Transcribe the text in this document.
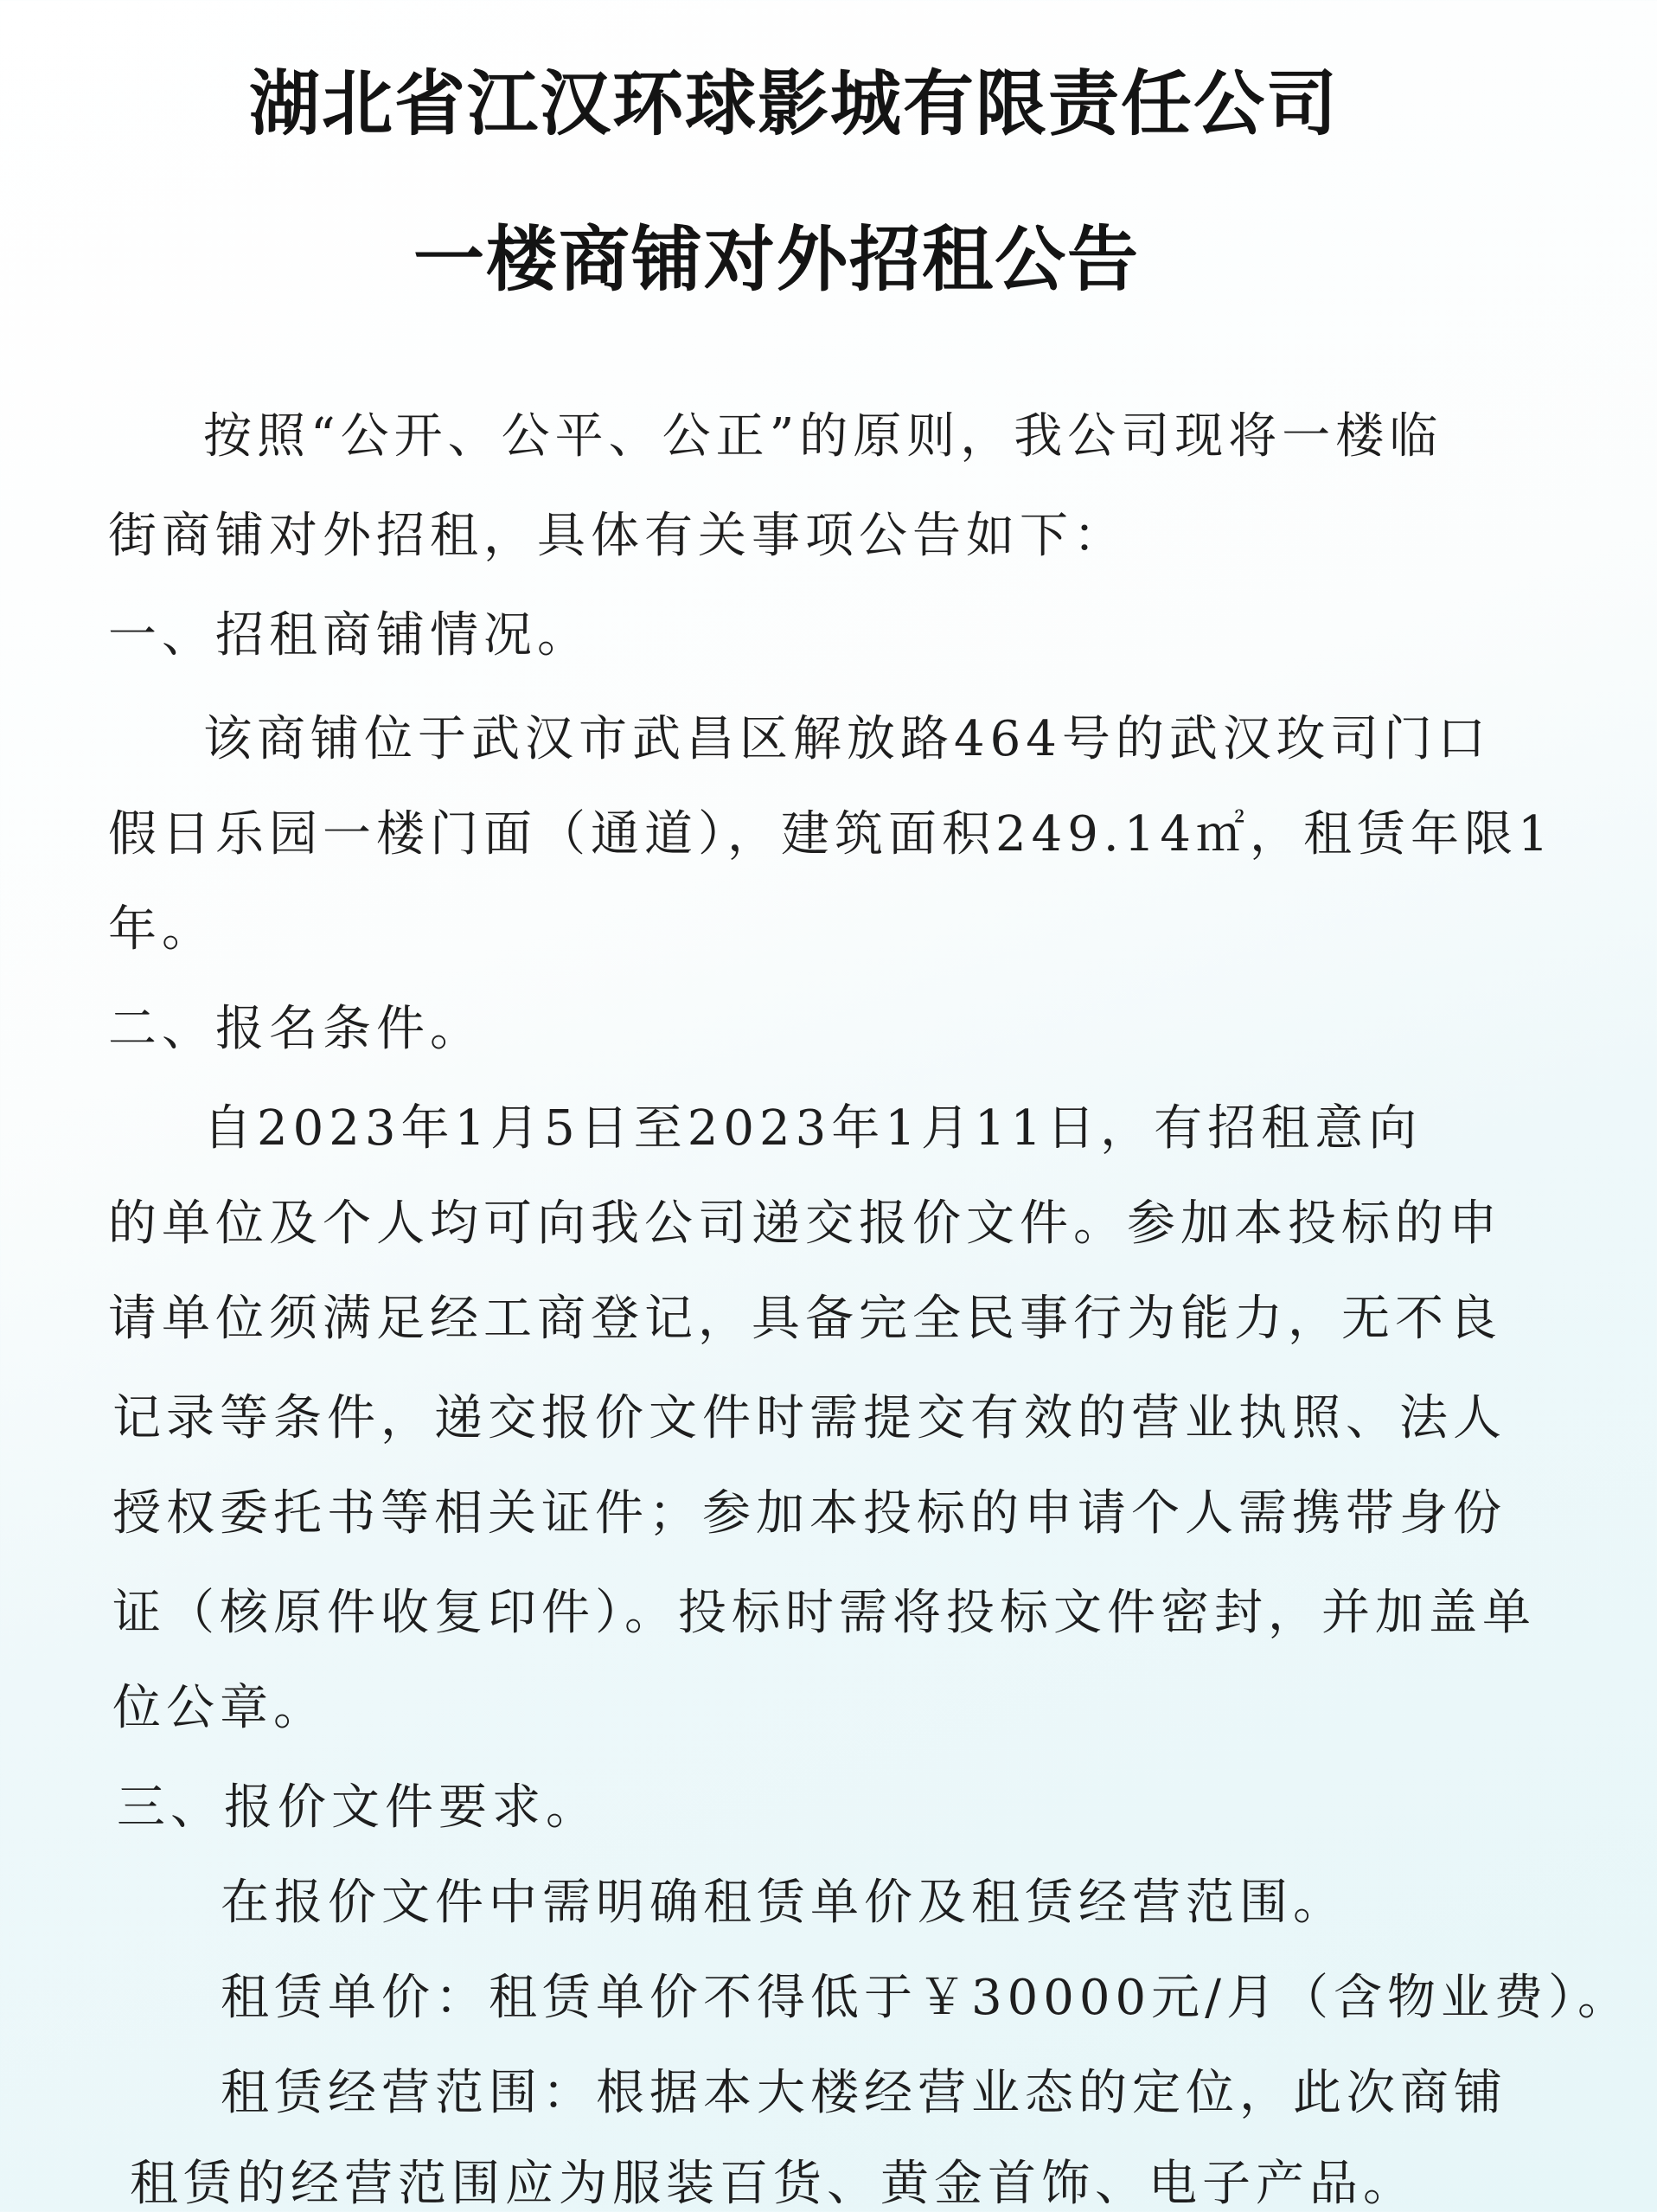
湖北省江汉环球影城有限责任公司
一楼商铺对外招租公告
按照“公开、公平、公正”的原则，我公司现将一楼临
街商铺对外招租，具体有关事项公告如下：
一、招租商铺情况。
该商铺位于武汉市武昌区解放路464号的武汉玫司门口
假日乐园一楼门面（通道），建筑面积249.14㎡，租赁年限1
年。
二、报名条件。
自2023年1月5日至2023年1月11日，有招租意向
的单位及个人均可向我公司递交报价文件。参加本投标的申
请单位须满足经工商登记，具备完全民事行为能力，无不良
记录等条件，递交报价文件时需提交有效的营业执照、法人
授权委托书等相关证件；参加本投标的申请个人需携带身份
证（核原件收复印件）。投标时需将投标文件密封，并加盖单
位公章。
三、报价文件要求。
在报价文件中需明确租赁单价及租赁经营范围。
租赁单价：租赁单价不得低于￥30000元/月（含物业费）。
租赁经营范围：根据本大楼经营业态的定位，此次商铺
租赁的经营范围应为服装百货、黄金首饰、电子产品。
